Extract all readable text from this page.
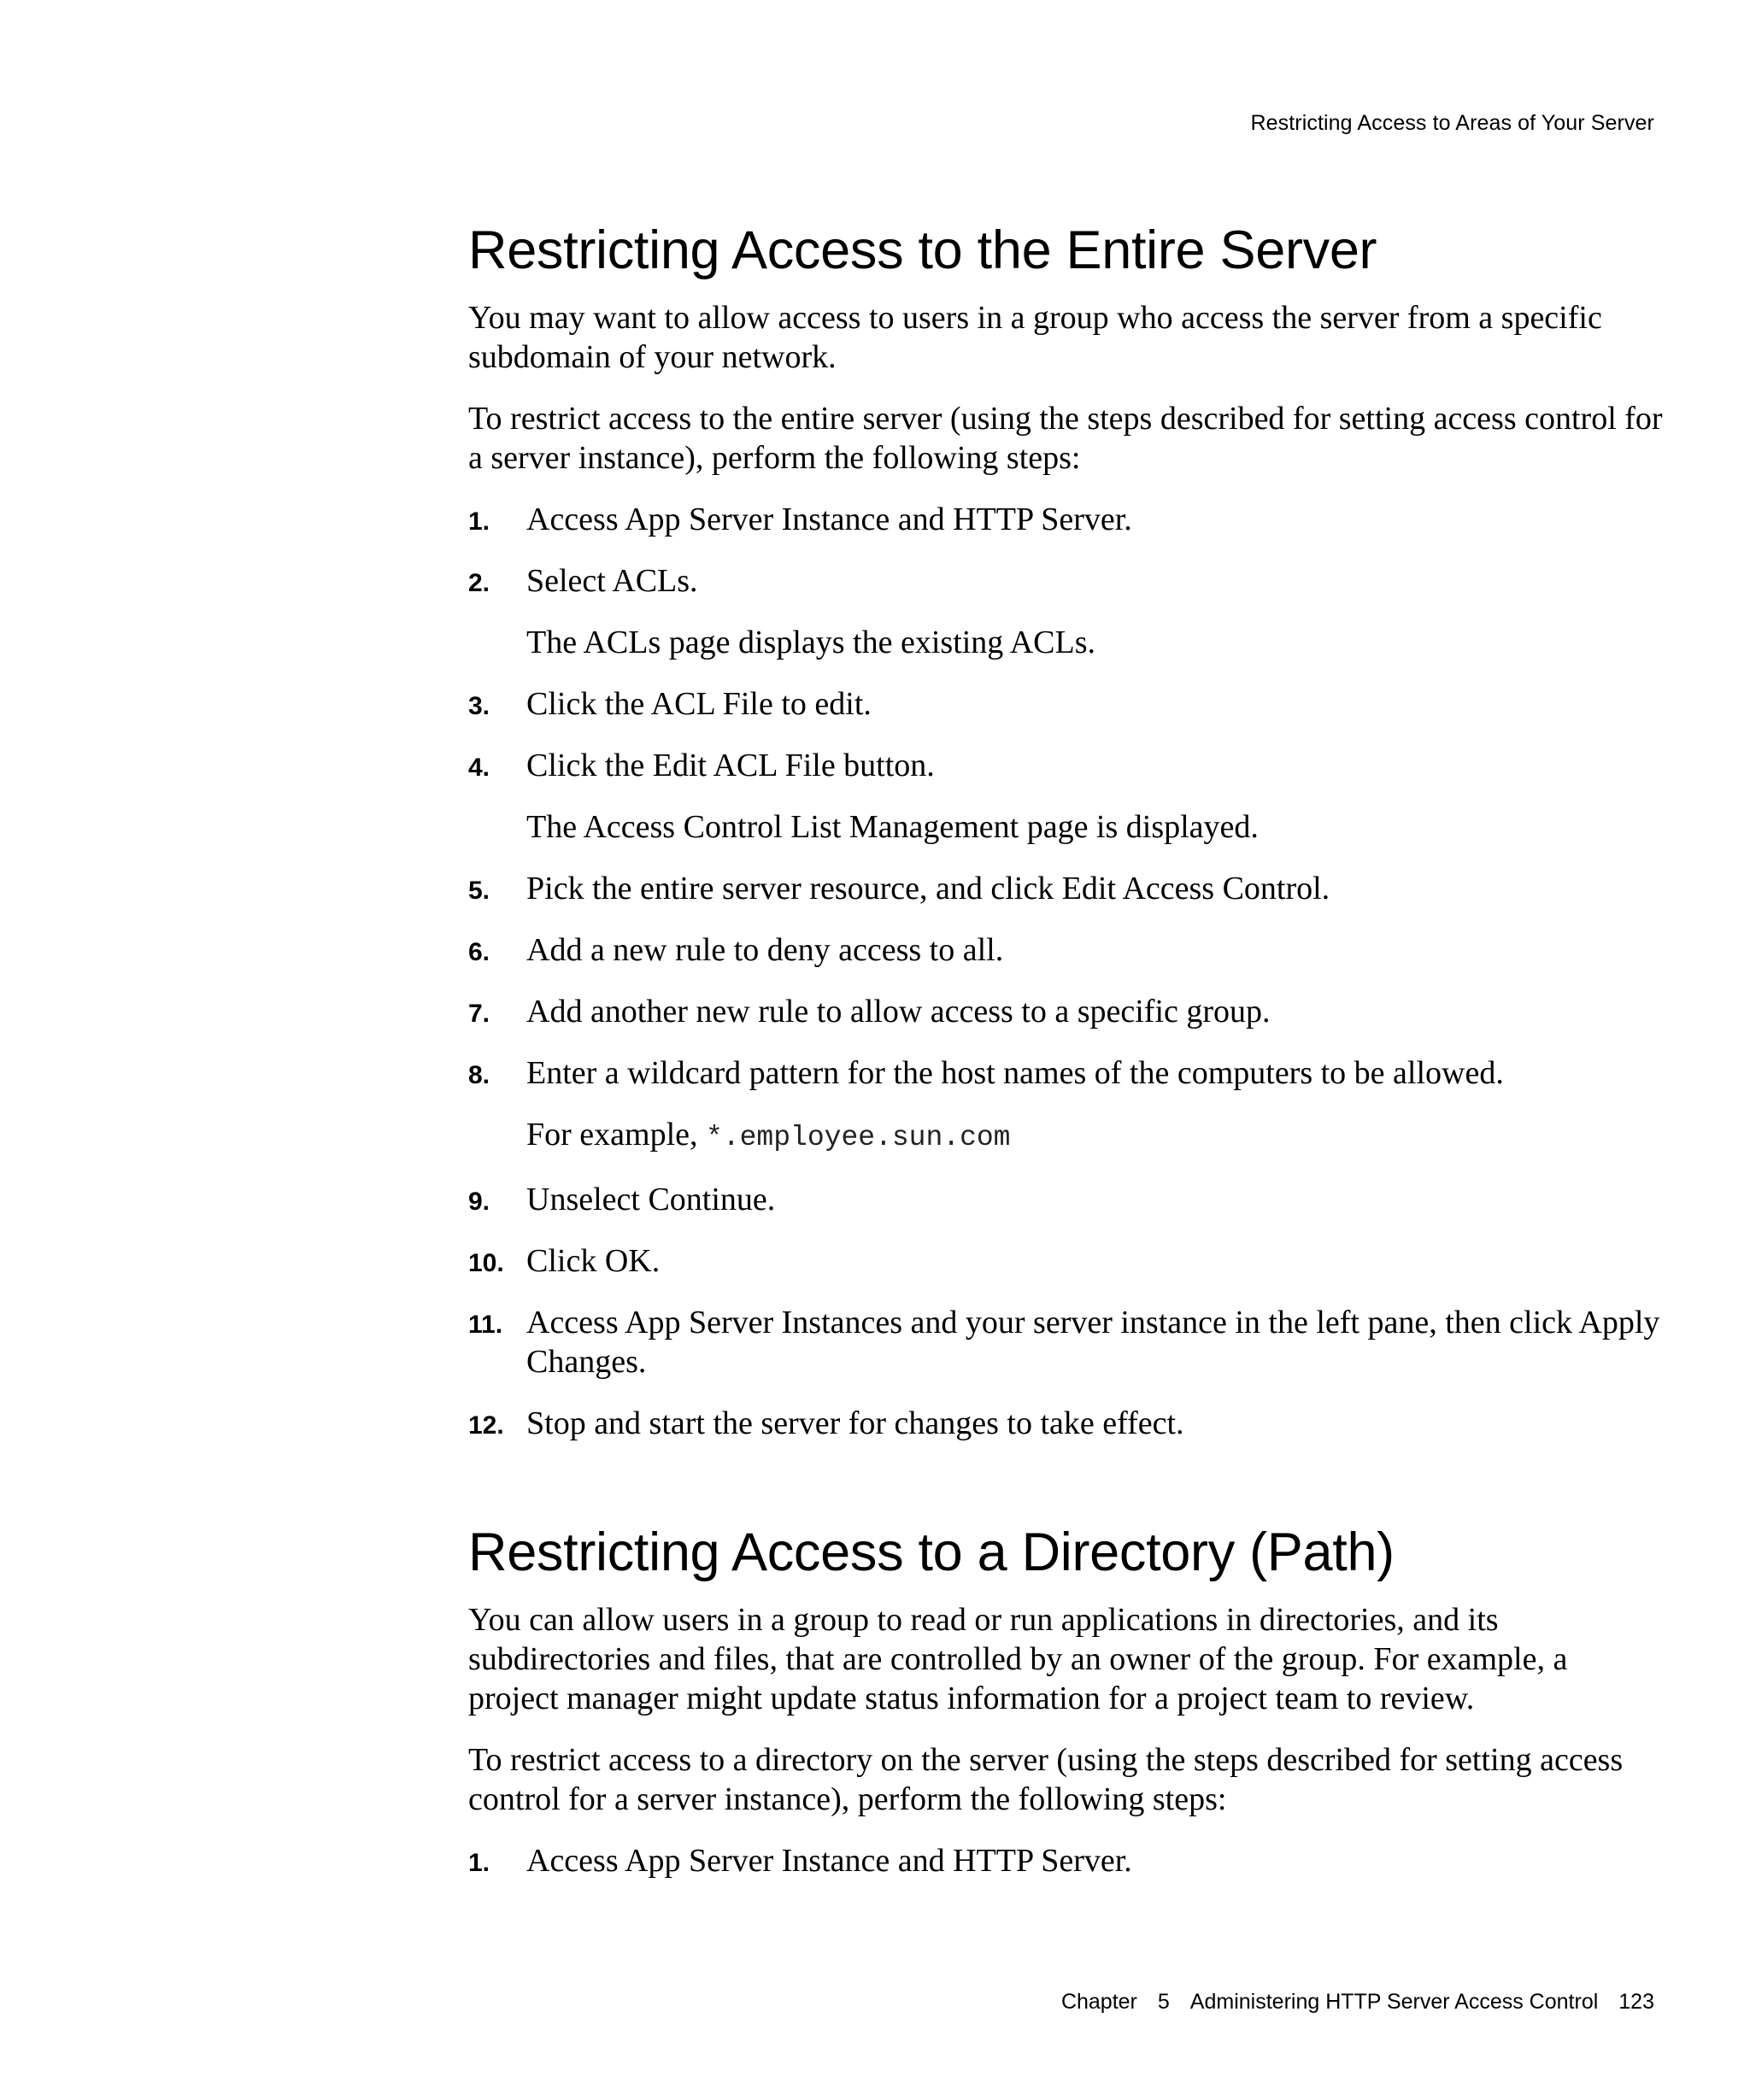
Restricting Access to Areas of Your Server
Restricting Access to the Entire Server

You may want to allow access to users in a group who access the server from a specific subdomain of your network.

To restrict access to the entire server (using the steps described for setting access control for a server instance), perform the following steps:

1. Access App Server Instance and HTTP Server.
2. Select ACLs.
The ACLs page displays the existing ACLs.
3. Click the ACL File to edit.
4. Click the Edit ACL File button.
The Access Control List Management page is displayed.
5. Pick the entire server resource, and click Edit Access Control.
6. Add a new rule to deny access to all.
7. Add another new rule to allow access to a specific group.
8. Enter a wildcard pattern for the host names of the computers to be allowed.
For example, *.employee.sun.com
9. Unselect Continue.
10. Click OK.
11. Access App Server Instances and your server instance in the left pane, then click Apply Changes.
12. Stop and start the server for changes to take effect.
Restricting Access to a Directory (Path)

You can allow users in a group to read or run applications in directories, and its subdirectories and files, that are controlled by an owner of the group. For example, a project manager might update status information for a project team to review.

To restrict access to a directory on the server (using the steps described for setting access control for a server instance), perform the following steps:

1. Access App Server Instance and HTTP Server.
Chapter 5 Administering HTTP Server Access Control 123
